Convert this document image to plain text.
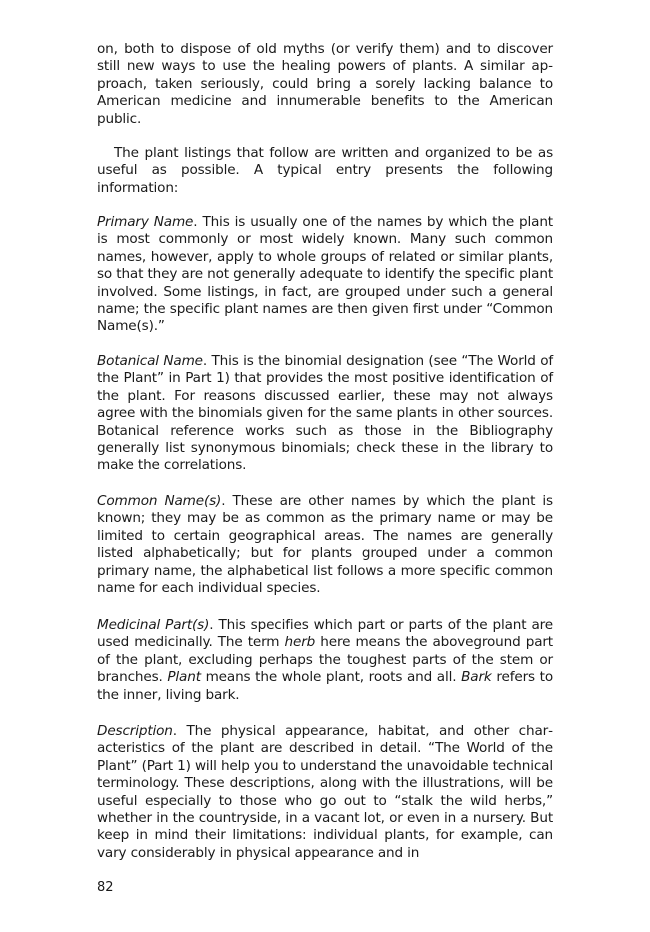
on, both to dispose of old myths (or verify them) and to discover still new ways to use the healing powers of plants. A similar approach, taken seriously, could bring a sorely lacking balance to American medicine and innumerable benefits to the American public.

The plant listings that follow are written and organized to be as useful as possible. A typical entry presents the following information:

Primary Name. This is usually one of the names by which the plant is most commonly or most widely known. Many such common names, however, apply to whole groups of related or similar plants, so that they are not generally adequate to identify the specific plant involved. Some listings, in fact, are grouped under such a general name; the specific plant names are then given first under “Common Name(s).”

Botanical Name. This is the binomial designation (see “The World of the Plant” in Part 1) that provides the most positive identification of the plant. For reasons discussed earlier, these may not always agree with the binomials given for the same plants in other sources. Botanical reference works such as those in the Bibliography generally list synonymous binomials; check these in the library to make the correlations.

Common Name(s). These are other names by which the plant is known; they may be as common as the primary name or may be limited to certain geographical areas. The names are generally listed alphabetically; but for plants grouped under a common primary name, the alphabetical list follows a more specific common name for each individual species.

Medicinal Part(s). This specifies which part or parts of the plant are used medicinally. The term herb here means the aboveground part of the plant, excluding perhaps the toughest parts of the stem or branches. Plant means the whole plant, roots and all. Bark refers to the inner, living bark.

Description. The physical appearance, habitat, and other characteristics of the plant are described in detail. “The World of the Plant” (Part 1) will help you to understand the unavoidable technical terminology. These descriptions, along with the illustrations, will be useful especially to those who go out to “stalk the wild herbs,” whether in the countryside, in a vacant lot, or even in a nursery. But keep in mind their limitations: individual plants, for example, can vary considerably in physical appearance and in

82
